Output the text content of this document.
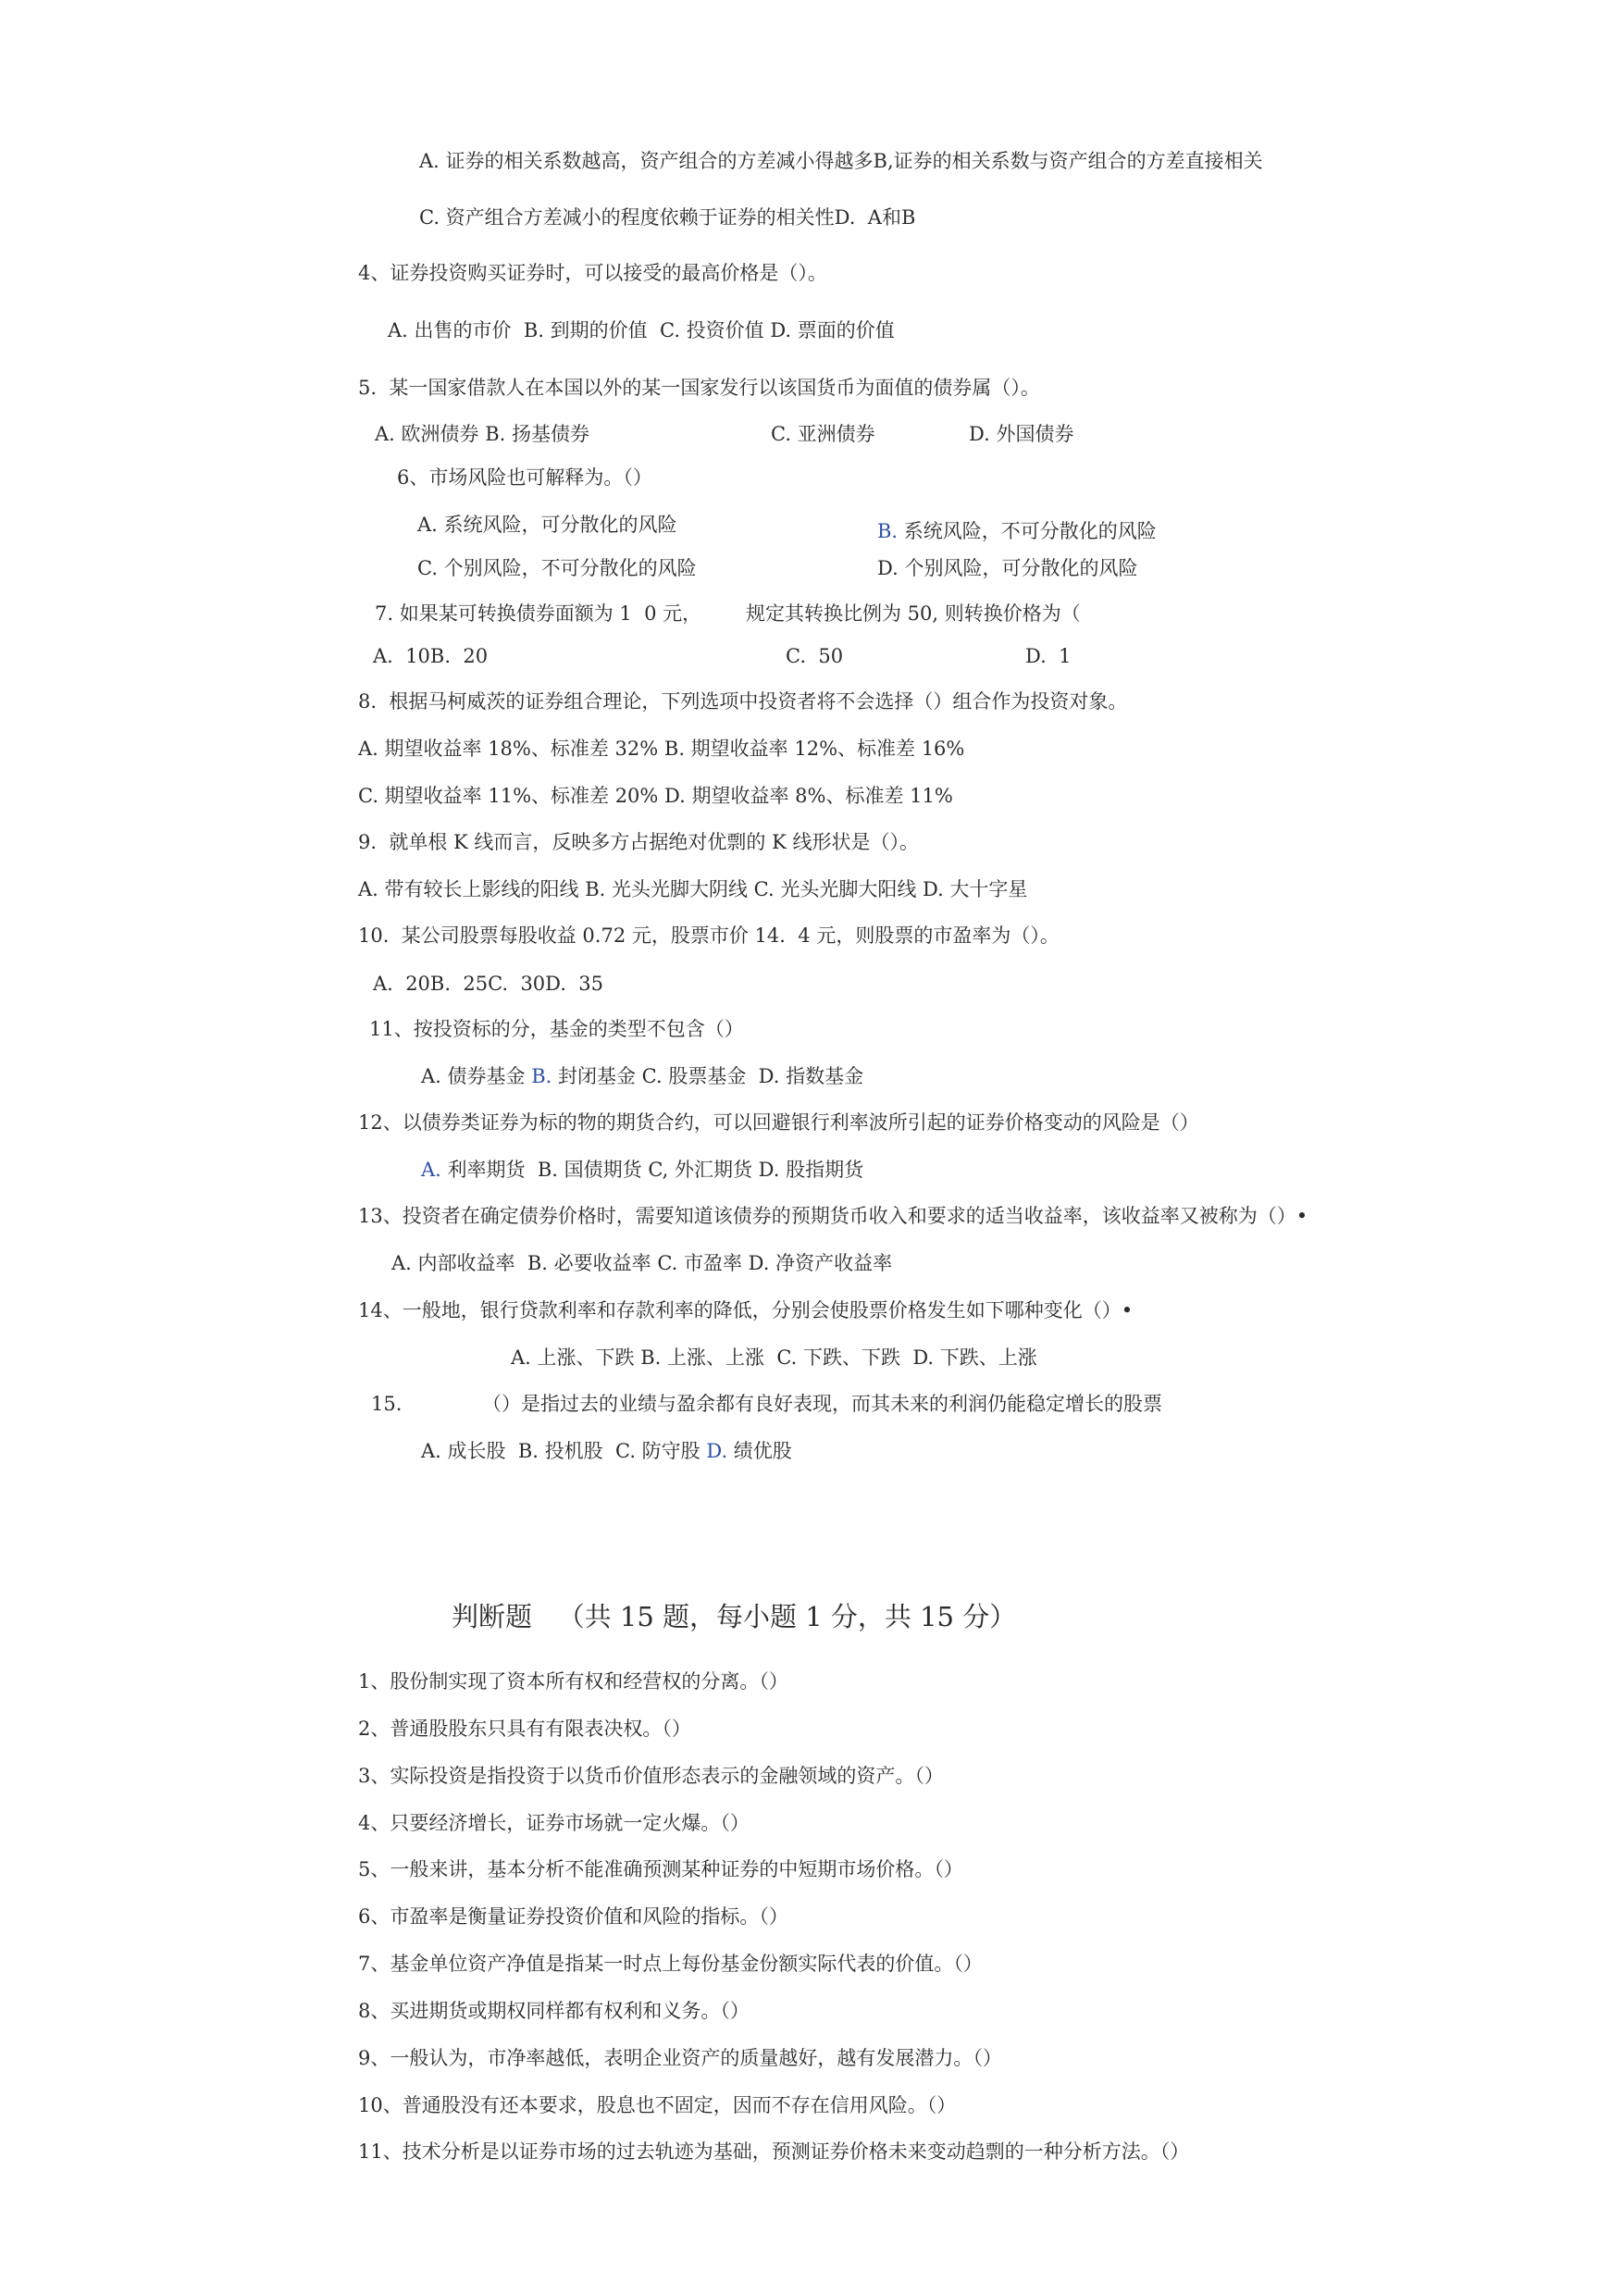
A. 证券的相关系数越高，资产组合的方差减小得越多B,证券的相关系数与资产组合的方差直接相关
C. 资产组合方差减小的程度依赖于证券的相关性D.  A和B
4、证券投资购买证券时，可以接受的最高价格是（）。
A. 出售的市价  B. 到期的价值  C. 投资价值 D. 票面的价值
5.  某一国家借款人在本国以外的某一国家发行以该国货币为面值的债券属（）。
A. 欧洲债券 B. 扬基债券	C. 亚洲债券	D. 外国债券
6、市场风险也可解释为。（）
A. 系统风险，可分散化的风险	B. 系统风险，不可分散化的风险
C. 个别风险，不可分散化的风险	D. 个别风险，可分散化的风险
7. 如果某可转换债券面额为 1  0 元， 规定其转换比例为 50, 则转换价格为（
A.  10B.  20	C.  50	D.  1
8.  根据马柯威茨的证券组合理论，下列选项中投资者将不会选择（）组合作为投资对象。
A. 期望收益率 18%、标准差 32% B. 期望收益率 12%、标准差 16%
C. 期望收益率 11%、标准差 20% D. 期望收益率 8%、标准差 11%
9.  就单根 K 线而言，反映多方占据绝对优剽的 K 线形状是（）。
A. 带有较长上影线的阳线 B. 光头光脚大阴线 C. 光头光脚大阳线 D. 大十字星
10.  某公司股票每股收益 0.72 元，股票市价 14.  4 元，则股票的市盈率为（）。
A.  20B.  25C.  30D.  35
11、按投资标的分，基金的类型不包含（）
A. 债券基金 B. 封闭基金 C. 股票基金  D. 指数基金
12、以债券类证券为标的物的期货合约，可以回避银行利率波所引起的证券价格变动的风险是（）
A. 利率期货  B. 国债期货 C, 外汇期货 D. 股指期货
13、投资者在确定债券价格时，需要知道该债券的预期货币收入和要求的适当收益率，该收益率又被称为（）•
A. 内部收益率  B. 必要收益率 C. 市盈率 D. 净资产收益率
14、一般地，银行贷款利率和存款利率的降低，分别会使股票价格发生如下哪种变化（）•
A. 上涨、下跌 B. 上涨、上涨  C. 下跌、下跌  D. 下跌、上涨
15.	（）是指过去的业绩与盈余都有良好表现，而其未来的利润仍能稳定增长的股票
A. 成长股  B. 投机股  C. 防守股 D. 绩优股
判断题   （共 15 题，每小题 1 分，共 15 分）
1、股份制实现了资本所有权和经营权的分离。（）
2、普通股股东只具有有限表决权。（）
3、实际投资是指投资于以货币价值形态表示的金融领域的资产。（）
4、只要经济增长，证券市场就一定火爆。（）
5、一般来讲，基本分析不能准确预测某种证券的中短期市场价格。（）
6、市盈率是衡量证券投资价值和风险的指标。（）
7、基金单位资产净值是指某一时点上每份基金份额实际代表的价值。（）
8、买进期货或期权同样都有权利和义务。（）
9、一般认为，市净率越低，表明企业资产的质量越好，越有发展潜力。（）
10、普通股没有还本要求，股息也不固定，因而不存在信用风险。（）
11、技术分析是以证券市场的过去轨迹为基础，预测证券价格未来变动趋剽的一种分析方法。（）
